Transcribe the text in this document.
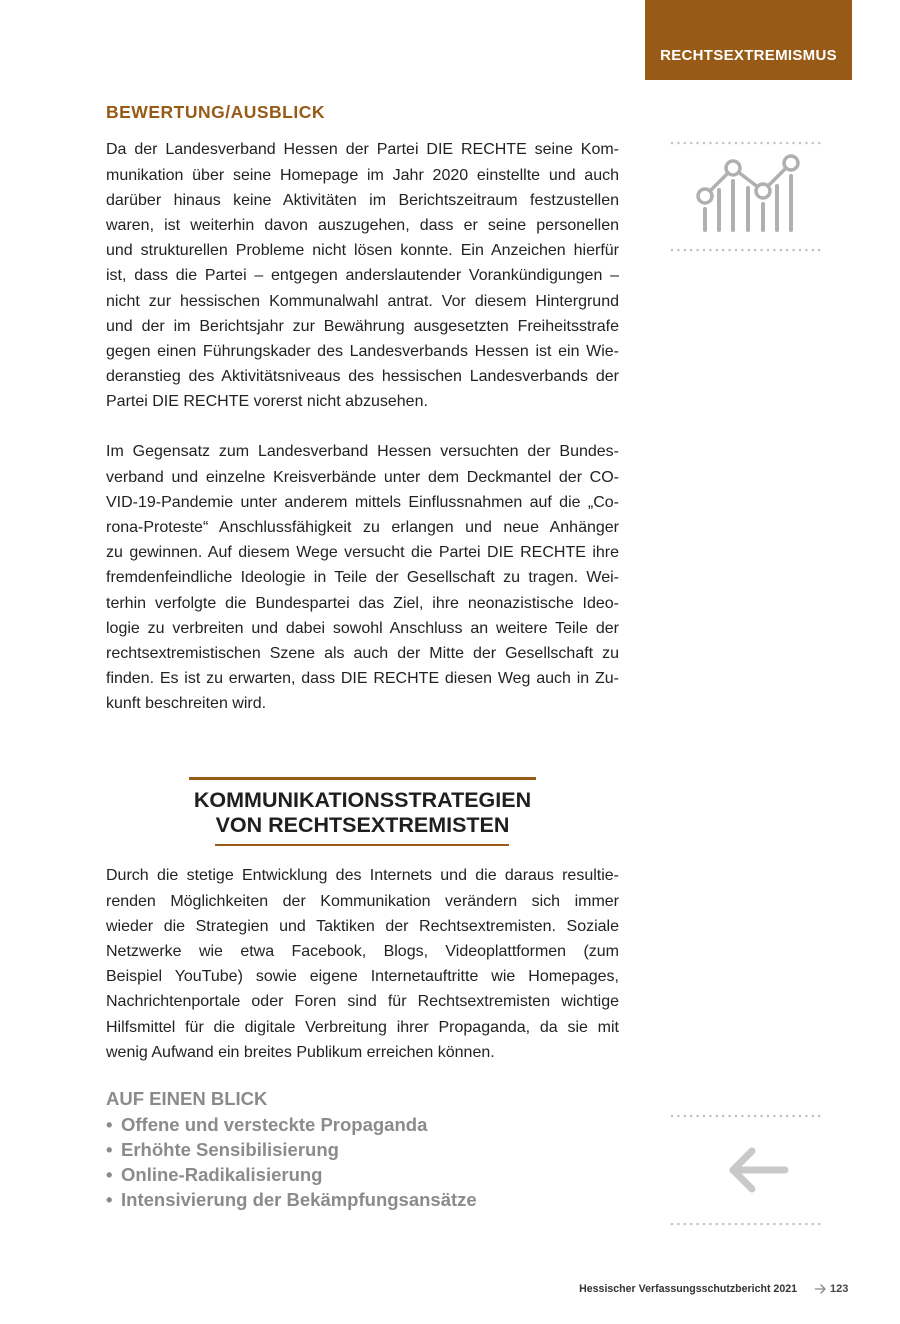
RECHTSEXTREMISMUS
BEWERTUNG/AUSBLICK
Da der Landesverband Hessen der Partei DIE RECHTE seine Kom-
munikation über seine Homepage im Jahr 2020 einstellte und auch
darüber hinaus keine Aktivitäten im Berichtszeitraum festzustellen
waren, ist weiterhin davon auszugehen, dass er seine personellen
und strukturellen Probleme nicht lösen konnte. Ein Anzeichen hierfür
ist, dass die Partei – entgegen anderslautender Vorankündigungen –
nicht zur hessischen Kommunalwahl antrat. Vor diesem Hintergrund
und der im Berichtsjahr zur Bewährung ausgesetzten Freiheitsstrafe
gegen einen Führungskader des Landesverbands Hessen ist ein Wie-
deranstieg des Aktivitätsniveaus des hessischen Landesverbands der
Partei DIE RECHTE vorerst nicht abzusehen.
Im Gegensatz zum Landesverband Hessen versuchten der Bundes-
verband und einzelne Kreisverbände unter dem Deckmantel der CO-
VID-19-Pandemie unter anderem mittels Einflussnahmen auf die „Co-
rona-Proteste“ Anschlussfähigkeit zu erlangen und neue Anhänger
zu gewinnen. Auf diesem Wege versucht die Partei DIE RECHTE ihre
fremdenfeindliche Ideologie in Teile der Gesellschaft zu tragen. Wei-
terhin verfolgte die Bundespartei das Ziel, ihre neonazistische Ideo-
logie zu verbreiten und dabei sowohl Anschluss an weitere Teile der
rechtsextremistischen Szene als auch der Mitte der Gesellschaft zu
finden. Es ist zu erwarten, dass DIE RECHTE diesen Weg auch in Zu-
kunft beschreiten wird.
KOMMUNIKATIONSSTRATEGIEN
VON RECHTSEXTREMISTEN
Durch die stetige Entwicklung des Internets und die daraus resultie-
renden Möglichkeiten der Kommunikation verändern sich immer
wieder die Strategien und Taktiken der Rechtsextremisten. Soziale
Netzwerke wie etwa Facebook, Blogs, Videoplattformen (zum
Beispiel YouTube) sowie eigene Internetauftritte wie Homepages,
Nachrichtenportale oder Foren sind für Rechtsextremisten wichtige
Hilfsmittel für die digitale Verbreitung ihrer Propaganda, da sie mit
wenig Aufwand ein breites Publikum erreichen können.
AUF EINEN BLICK
• Offene und versteckte Propaganda
• Erhöhte Sensibilisierung
• Online-Radikalisierung
• Intensivierung der Bekämpfungsansätze
Hessischer Verfassungsschutzbericht 2021	123
